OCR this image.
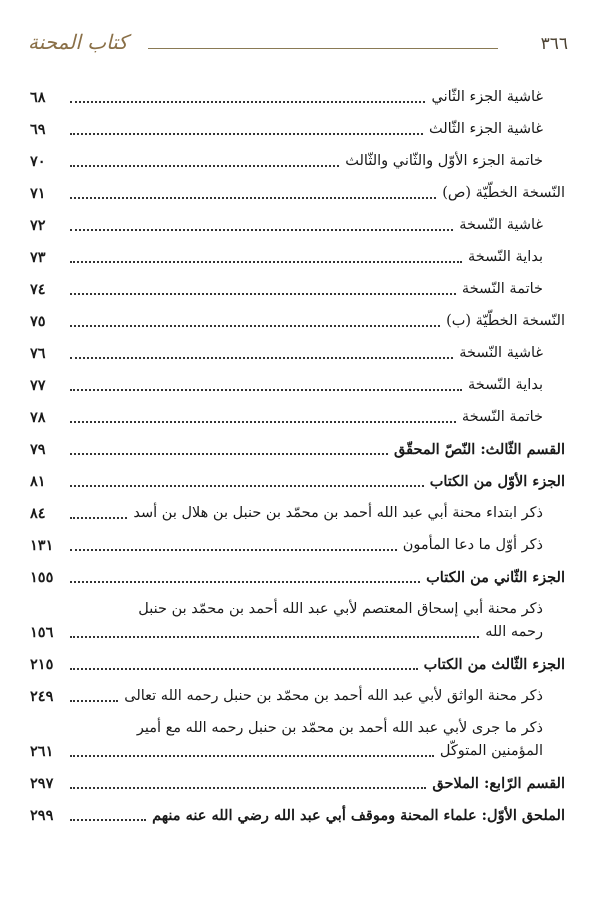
كتاب المحنة	٣٦٦
غاشية الجزء الثّاني
٦٨
غاشية الجزء الثّالث
٦٩
خاتمة الجزء الأوّل والثّاني والثّالث
٧٠
النّسخة الخطّيّة (ص)
٧١
غاشية النّسخة
٧٢
بداية النّسخة
٧٣
خاتمة النّسخة
٧٤
النّسخة الخطّيّة (ب)
٧٥
غاشية النّسخة
٧٦
بداية النّسخة
٧٧
خاتمة النّسخة
٧٨
القسم الثّالث: النّصّ المحقّق
٧٩
الجزء الأوّل من الكتاب
٨١
ذكر ابتداء محنة أبي عبد الله أحمد بن محمّد بن حنبل بن هلال بن أسد
٨٤
ذكر أوّل ما دعا المأمون
١٣١
الجزء الثّاني من الكتاب
١٥٥
ذكر محنة أبي إسحاق المعتصم لأبي عبد الله أحمد بن محمّد بن حنبل
رحمه الله
١٥٦
الجزء الثّالث من الكتاب
٢١٥
ذكر محنة الواثق لأبي عبد الله أحمد بن محمّد بن حنبل رحمه الله تعالى
٢٤٩
ذكر ما جرى لأبي عبد الله أحمد بن محمّد بن حنبل رحمه الله مع أمير
المؤمنين المتوكّل
٢٦١
القسم الرّابع: الملاحق
٢٩٧
الملحق الأوّل: علماء المحنة وموقف أبي عبد الله رضي الله عنه منهم
٢٩٩
